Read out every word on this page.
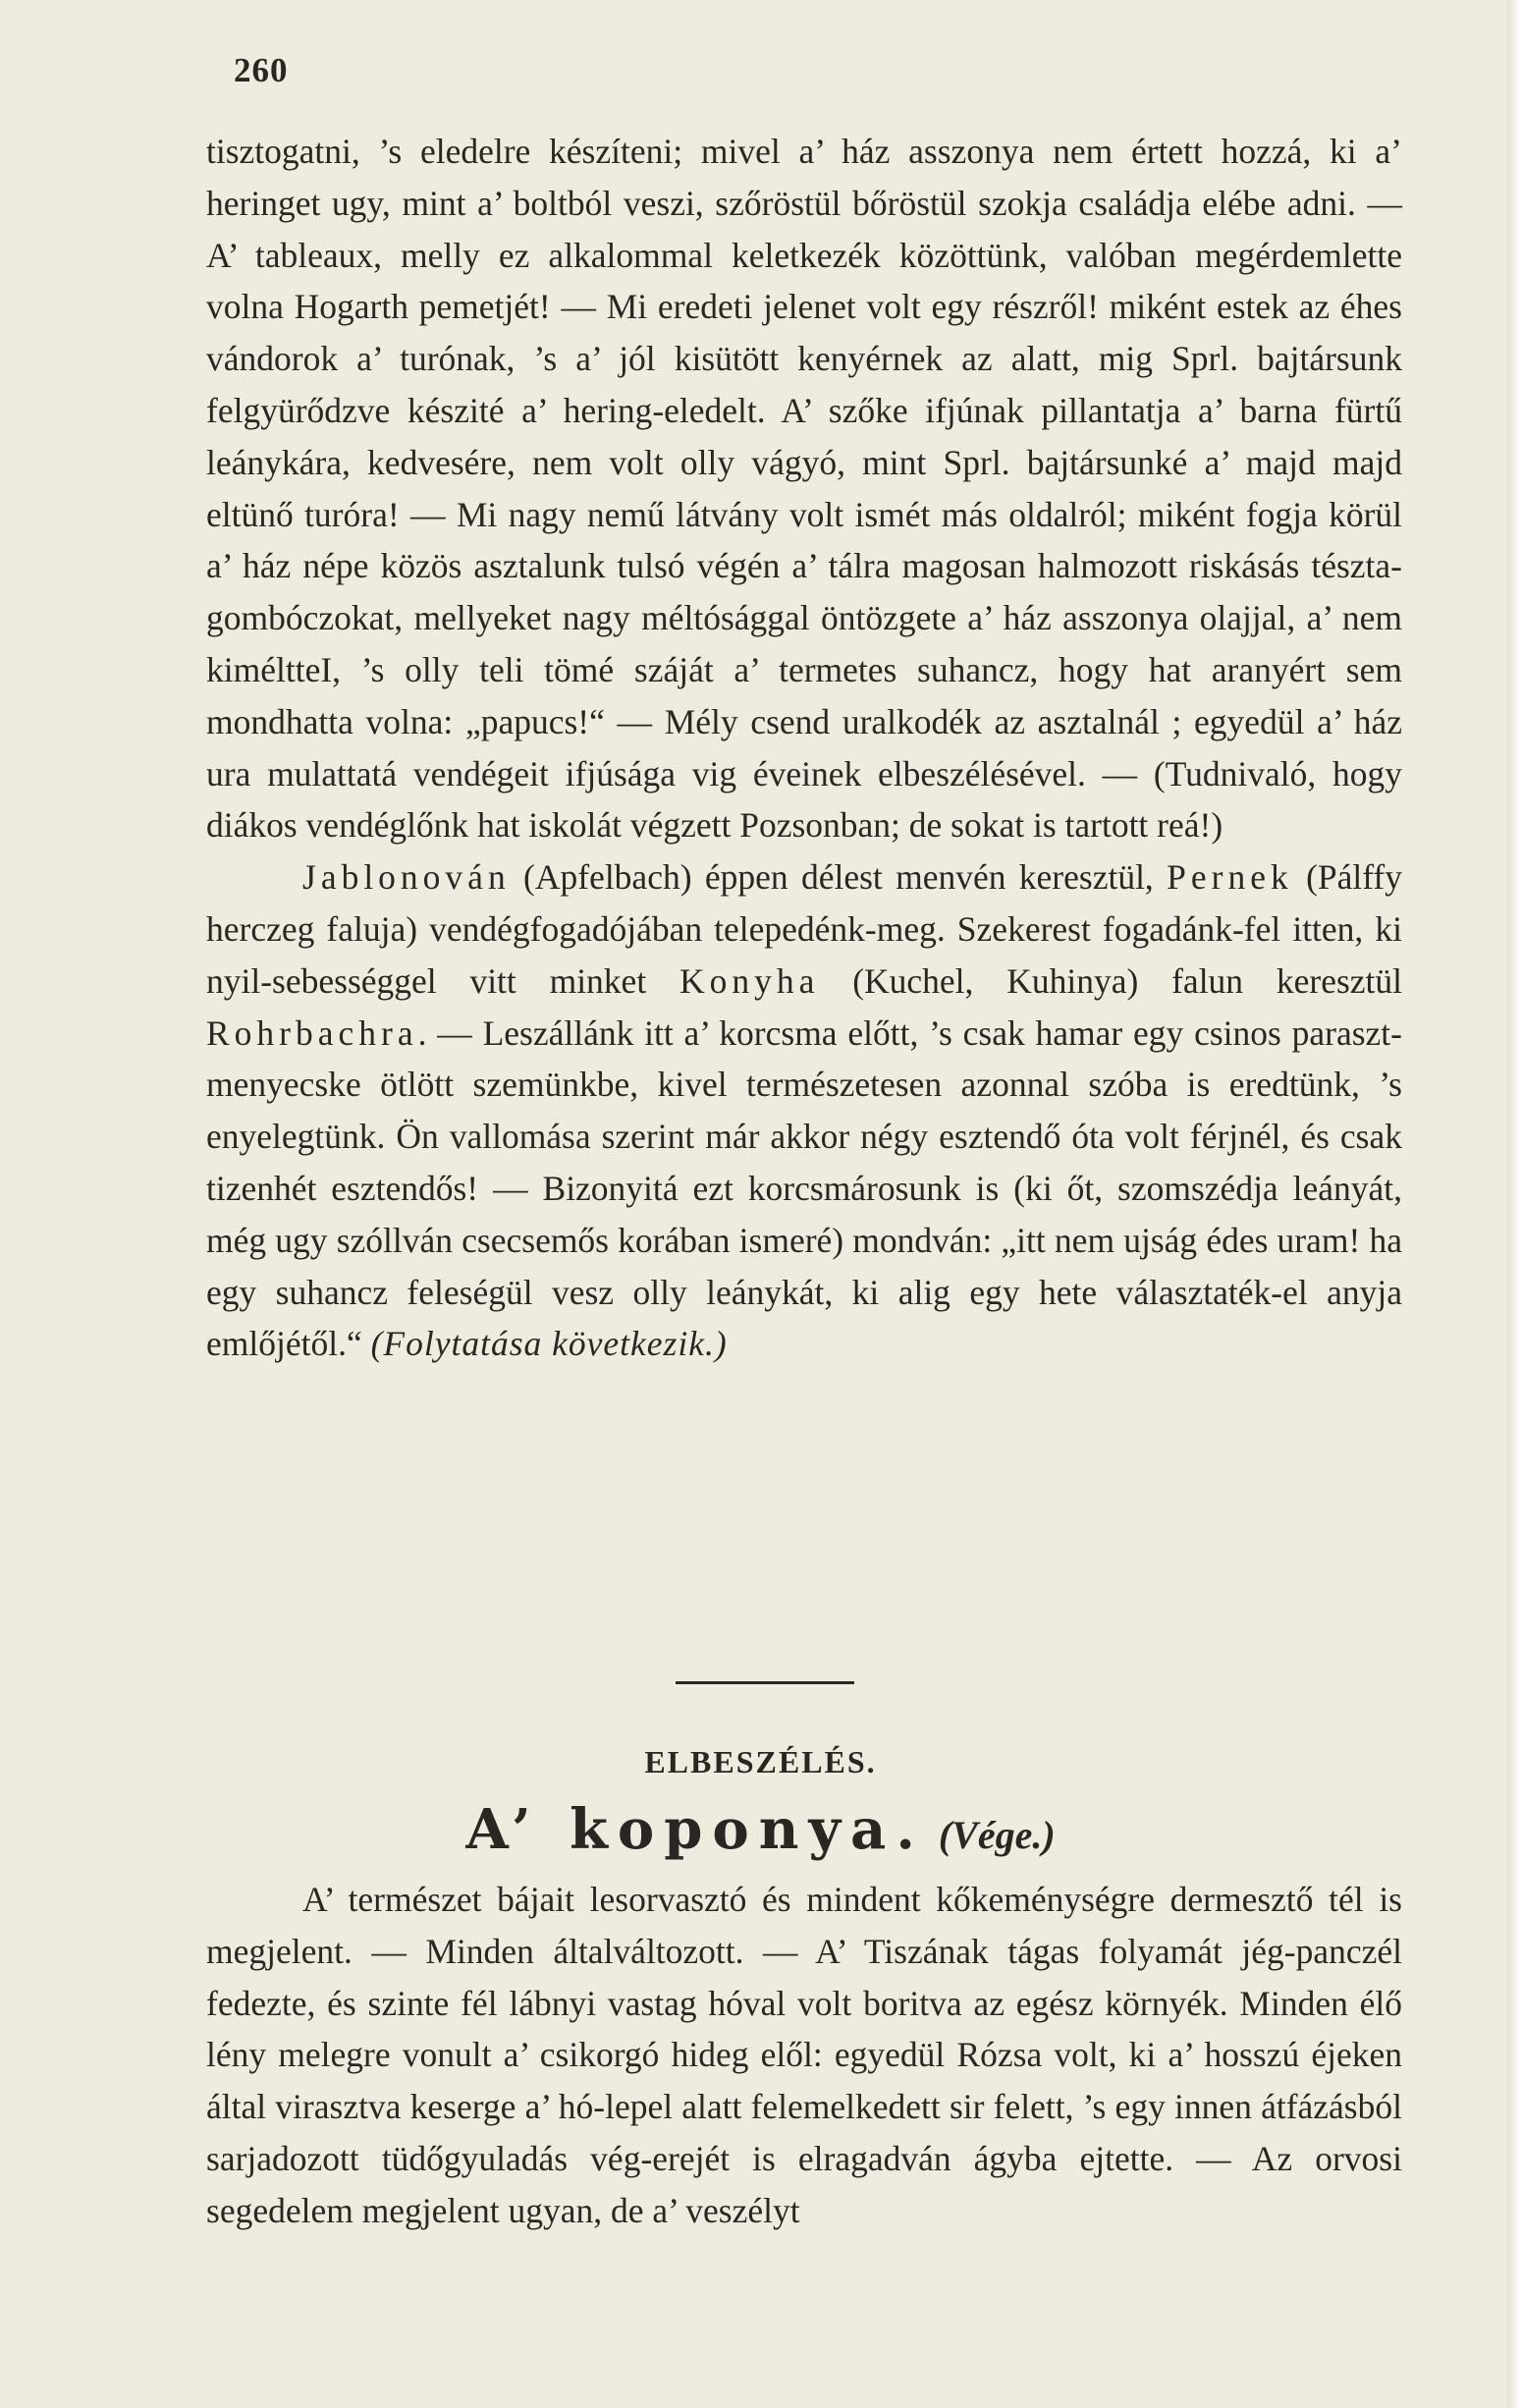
260

tisztogatni, ’s eledelre készíteni; mivel a’ ház asszonya nem értett hozzá, ki a’ heringet ugy, mint a’ boltból veszi, szőröstül bőröstül szokja családja elébe adni. — A’ tableaux, melly ez alkalommal keletkezék közöttünk, valóban megérdemlette volna Hogarth pemetjét! — Mi eredeti jelenet volt egy részről! miként estek az éhes vándorok a’ turónak, ’s a’ jól kisütött kenyérnek az alatt, mig Sprl. bajtársunk felgyürődzve készité a’ hering-eledelt. A’ szőke ifjúnak pillantatja a’ barna fürtű leánykára, kedvesére, nem volt olly vágyó, mint Sprl. bajtársunké a’ majd majd eltünő turóra! — Mi nagy nemű látvány volt ismét más oldalról; miként fogja körül a’ ház népe közös asztalunk tulsó végén a’ tálra magosan halmozott riskásás tészta-gombóczokat, mellyeket nagy méltósággal öntözgete a’ ház asszonya olajjal, a’ nem kiméltteI, ’s olly teli tömé száját a’ termetes suhancz, hogy hat aranyért sem mondhatta volna: „papucs!“ — Mély csend uralkodék az asztalnál ; egyedül a’ ház ura mulattatá vendégeit ifjúsága vig éveinek elbeszélésével. — (Tudnivaló, hogy diákos vendéglőnk hat iskolát végzett Pozsonban; de sokat is tartott reá!)

Jablonován (Apfelbach) éppen délest menvén keresztül, Pernek (Pálffy herczeg faluja) vendégfogadójában telepedénk-meg. Szekerest fogadánk-fel itten, ki nyil-sebességgel vitt minket Konyha (Kuchel, Kuhinya) falun keresztül Rohrbachra. — Leszállánk itt a’ korcsma előtt, ’s csak hamar egy csinos paraszt-menyecske ötlött szemünkbe, kivel természetesen azonnal szóba is eredtünk, ’s enyelegtünk. Ön vallomása szerint már akkor négy esztendő óta volt férjnél, és csak tizenhét esztendős! — Bizonyitá ezt korcsmárosunk is (ki őt, szomszédja leányát, még ugy szóllván csecsemős korában ismeré) mondván: „itt nem ujság édes uram! ha egy suhancz feleségül vesz olly leánykát, ki alig egy hete választaték-el anyja emlőjétől.“ (Folytatása következik.)

ELBESZÉLÉS.
A’ koponya. (Vége.)

A’ természet bájait lesorvasztó és mindent kőkeménységre dermesztő tél is megjelent. — Minden általváltozott. — A’ Tiszának tágas folyamát jég-panczél fedezte, és szinte fél lábnyi vastag hóval volt boritva az egész környék. Minden élő lény melegre vonult a’ csikorgó hideg elől: egyedül Rózsa volt, ki a’ hosszú éjeken által virasztva keserge a’ hó-lepel alatt felemelkedett sir felett, ’s egy innen átfázásból sarjadozott tüdőgyuladás vég-erejét is elragadván ágyba ejtette. — Az orvosi segedelem megjelent ugyan, de a’ veszélyt
